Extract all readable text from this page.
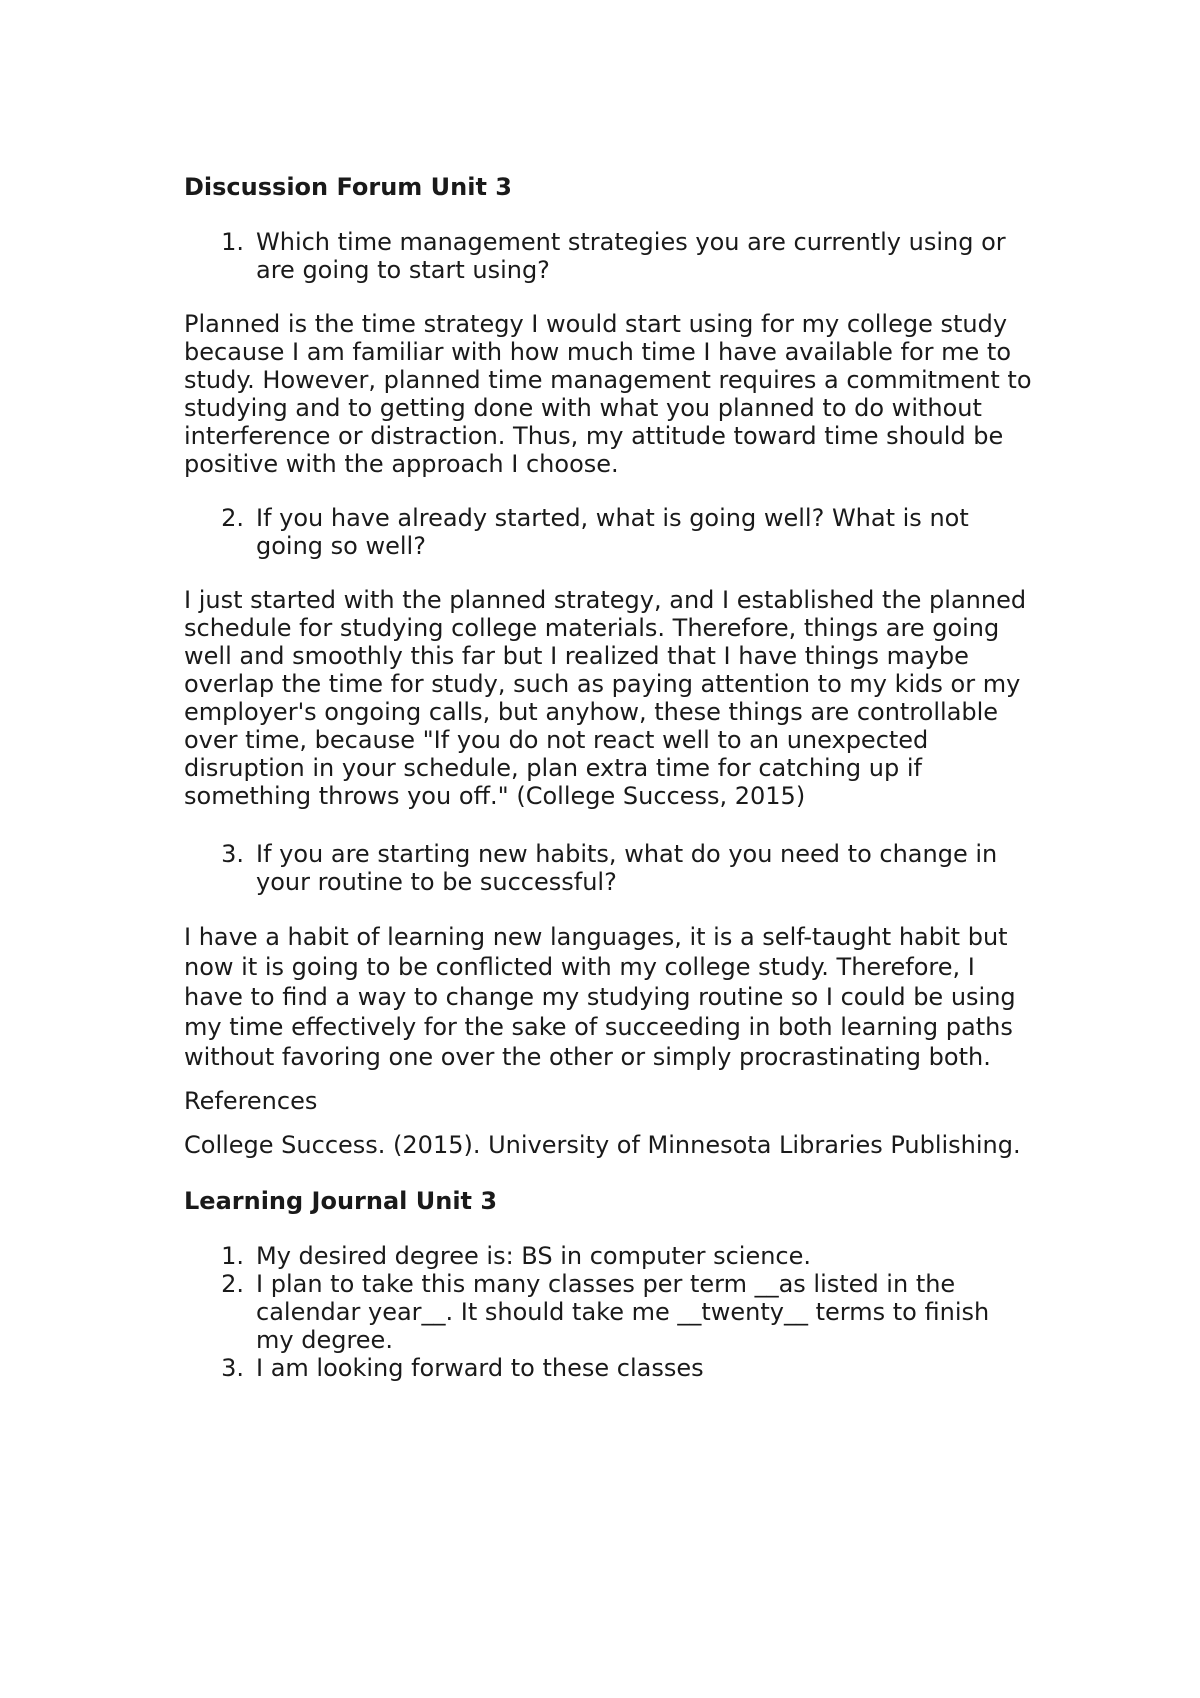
Discussion Forum Unit 3
1. Which time management strategies you are currently using or are going to start using?

Planned is the time strategy I would start using for my college study because I am familiar with how much time I have available for me to study. However, planned time management requires a commitment to studying and to getting done with what you planned to do without interference or distraction. Thus, my attitude toward time should be positive with the approach I choose.

2. If you have already started, what is going well? What is not going so well?

I just started with the planned strategy, and I established the planned schedule for studying college materials. Therefore, things are going well and smoothly this far but I realized that I have things maybe overlap the time for study, such as paying attention to my kids or my employer's ongoing calls, but anyhow, these things are controllable over time, because "If you do not react well to an unexpected disruption in your schedule, plan extra time for catching up if something throws you off." (College Success, 2015)

3. If you are starting new habits, what do you need to change in your routine to be successful?

I have a habit of learning new languages, it is a self-taught habit but now it is going to be conflicted with my college study. Therefore, I have to find a way to change my studying routine so I could be using my time effectively for the sake of succeeding in both learning paths without favoring one over the other or simply procrastinating both.

References

College Success. (2015). University of Minnesota Libraries Publishing.

Learning Journal Unit 3
1. My desired degree is: BS in computer science.
2. I plan to take this many classes per term __as listed in the calendar year__. It should take me __twenty__ terms to finish my degree.
3. I am looking forward to these classes
